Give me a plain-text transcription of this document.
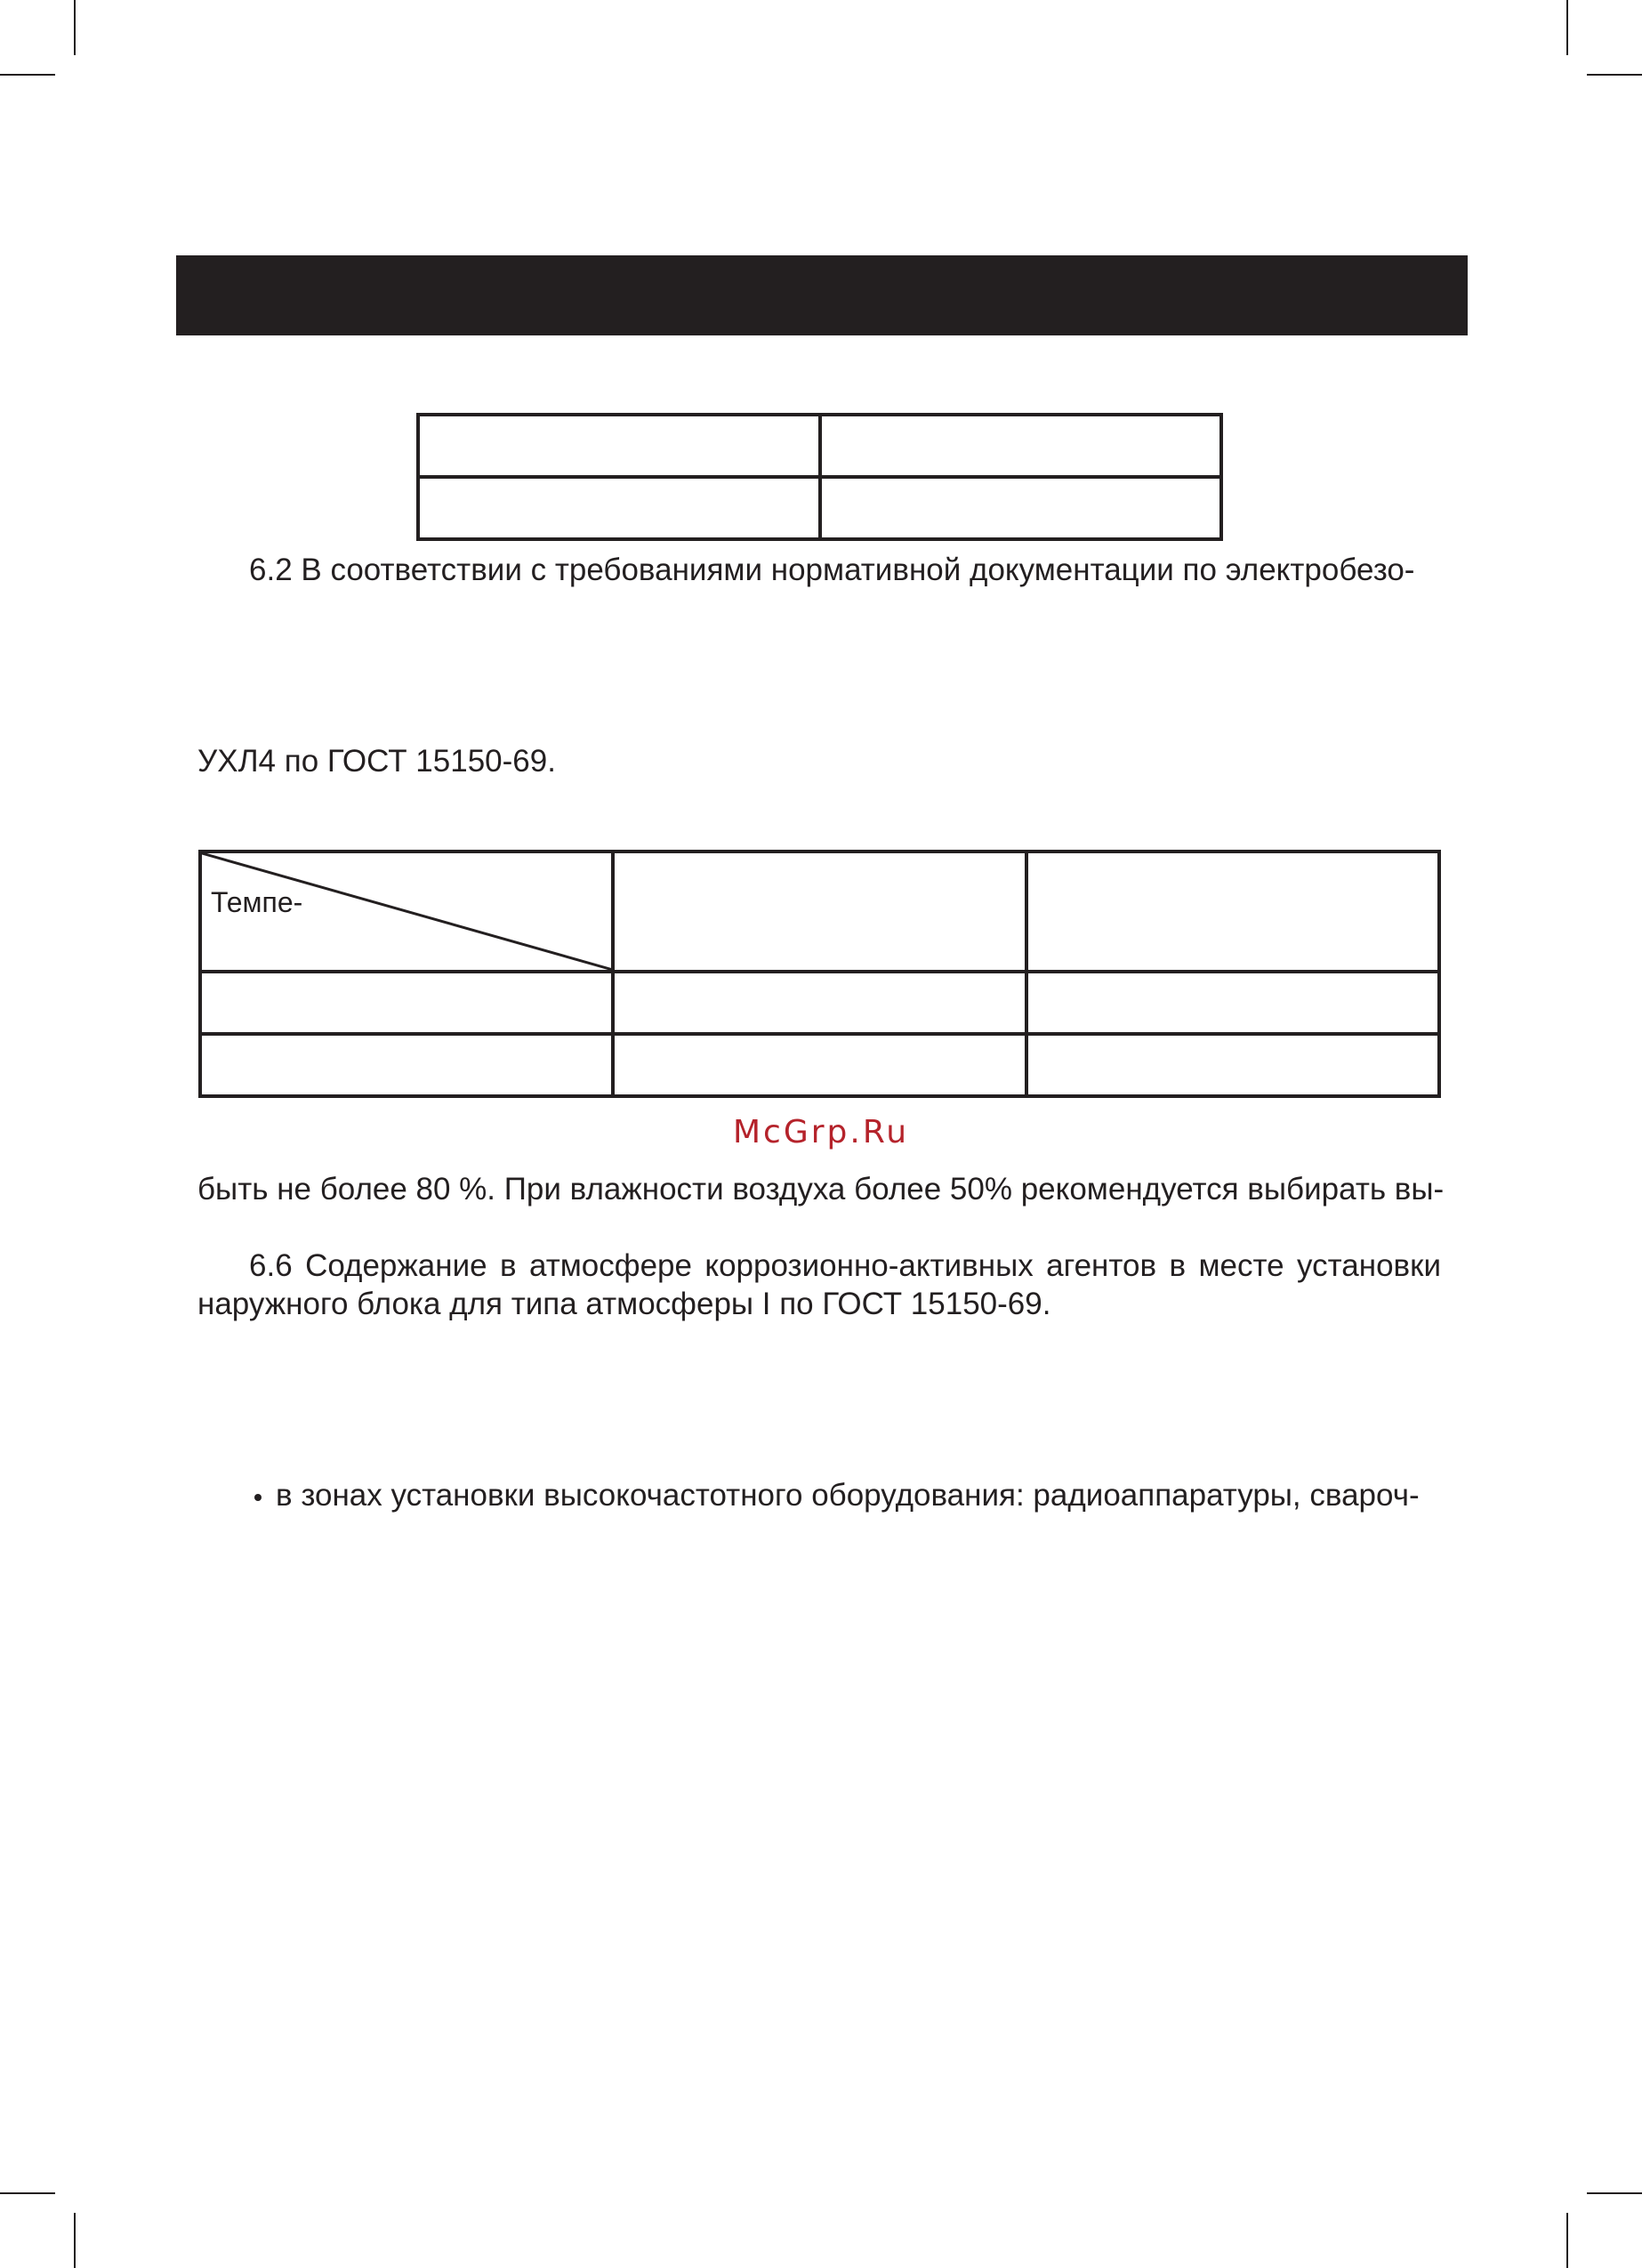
6.2 В соответствии с требованиями нормативной документации по электробезо-
УХЛ4 по ГОСТ 15150-69.
Темпе-		

McGrp.Ru
быть не более 80 %. При влажности воздуха более 50% рекомендуется выбирать вы-
6.6 Содержание в атмосфере коррозионно-активных агентов в месте установки
наружного блока для типа атмосферы I по ГОСТ 15150-69.
в зонах установки высокочастотного оборудования: радиоаппаратуры, свароч-
